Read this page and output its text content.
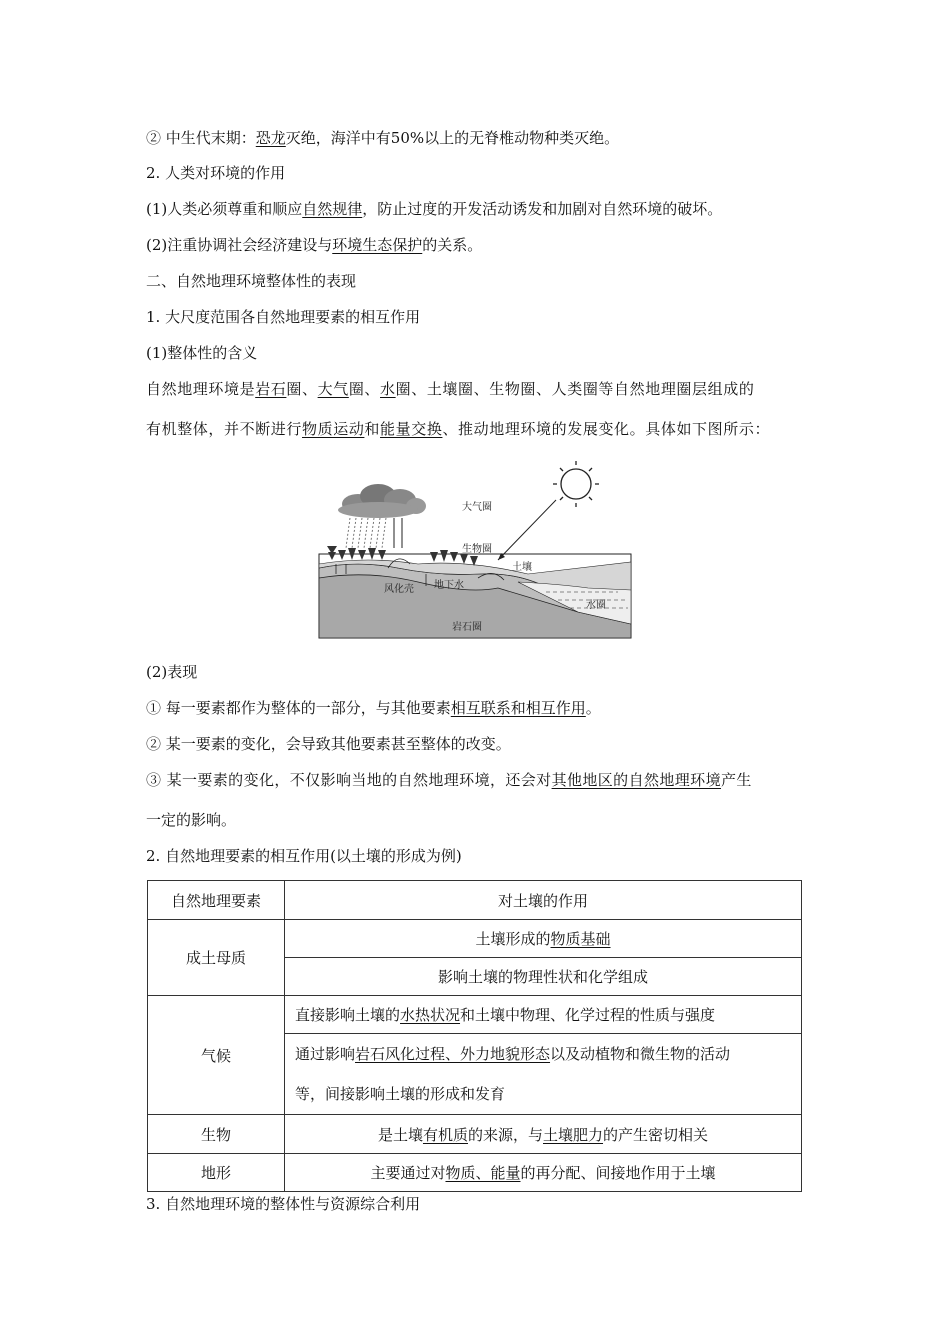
② 中生代末期：恐龙灭绝，海洋中有50%以上的无脊椎动物种类灭绝。
2. 人类对环境的作用
(1)人类必须尊重和顺应自然规律，防止过度的开发活动诱发和加剧对自然环境的破坏。
(2)注重协调社会经济建设与环境生态保护的关系。
二、自然地理环境整体性的表现
1. 大尺度范围各自然地理要素的相互作用
(1)整体性的含义
自然地理环境是岩石圈、大气圈、水圈、土壤圈、生物圈、人类圈等自然地理圈层组成的
有机整体，并不断进行物质运动和能量交换、推动地理环境的发展变化。具体如下图所示：
大气圈
生物圈
土壤
风化壳 地下水
水圈
岩石圈
(2)表现
① 每一要素都作为整体的一部分，与其他要素相互联系和相互作用。
② 某一要素的变化，会导致其他要素甚至整体的改变。
③ 某一要素的变化，不仅影响当地的自然地理环境，还会对其他地区的自然地理环境产生
一定的影响。
2. 自然地理要素的相互作用(以土壤的形成为例)
自然地理要素	对土壤的作用
成土母质	土壤形成的物质基础
	影响土壤的物理性状和化学组成
气候	直接影响土壤的水热状况和土壤中物理、化学过程的性质与强度

	通过影响岩石风化过程、外力地貌形态以及动植物和微生物的活动
等，间接影响土壤的形成和发育

生物	是土壤有机质的来源，与土壤肥力的产生密切相关
地形	主要通过对物质、能量的再分配、间接地作用于土壤
3. 自然地理环境的整体性与资源综合利用
